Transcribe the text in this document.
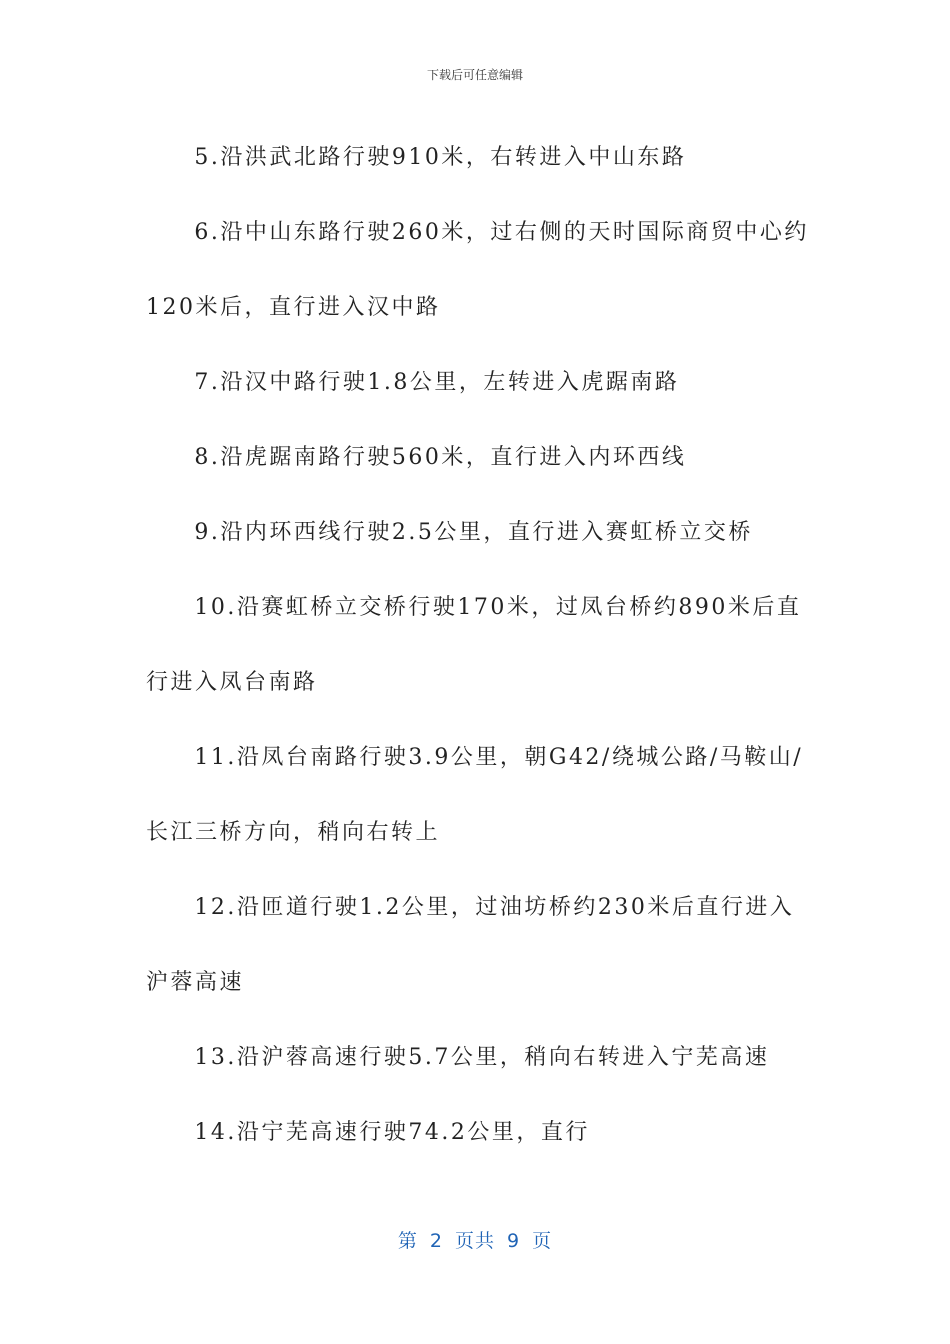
下载后可任意编辑

5.沿洪武北路行驶910米，右转进入中山东路

6.沿中山东路行驶260米，过右侧的天时国际商贸中心约120米后，直行进入汉中路

7.沿汉中路行驶1.8公里，左转进入虎踞南路

8.沿虎踞南路行驶560米，直行进入内环西线

9.沿内环西线行驶2.5公里，直行进入赛虹桥立交桥

10.沿赛虹桥立交桥行驶170米，过凤台桥约890米后直行进入凤台南路

11.沿凤台南路行驶3.9公里，朝G42/绕城公路/马鞍山/长江三桥方向，稍向右转上

12.沿匝道行驶1.2公里，过油坊桥约230米后直行进入沪蓉高速

13.沿沪蓉高速行驶5.7公里，稍向右转进入宁芜高速

14.沿宁芜高速行驶74.2公里，直行

第 2 页共 9 页
